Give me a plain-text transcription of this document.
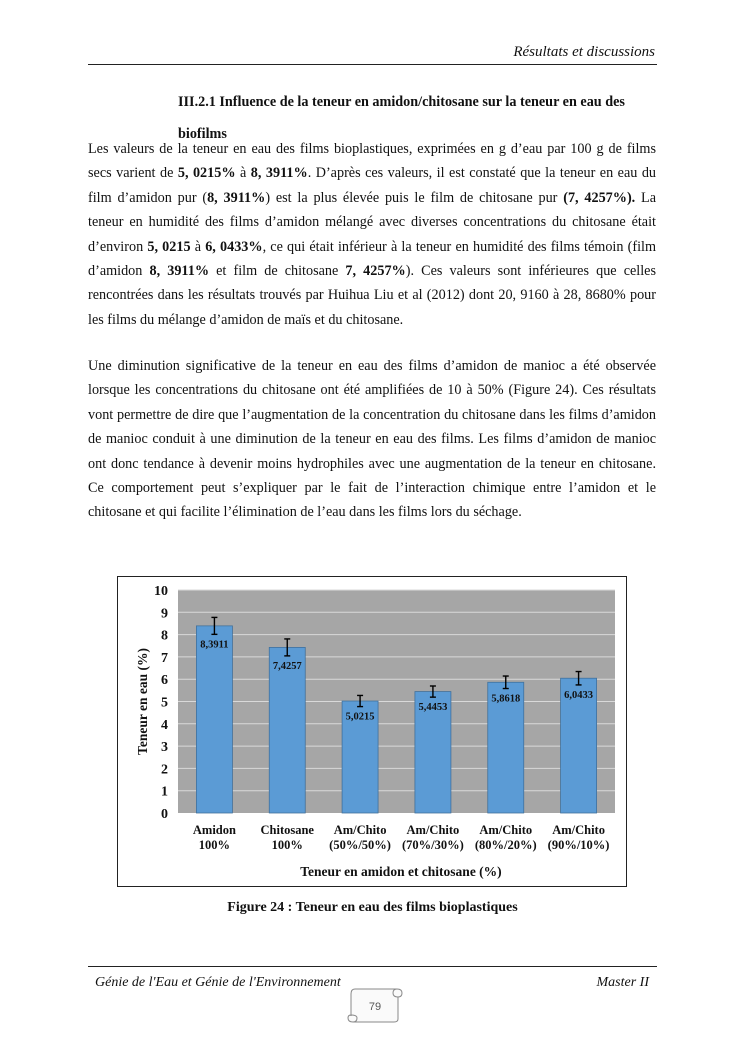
Résultats et discussions
III.2.1 Influence de la teneur en amidon/chitosane sur la teneur en eau des biofilms
Les valeurs de la teneur en eau des films bioplastiques, exprimées en g d’eau par 100 g de films secs varient de 5, 0215% à 8, 3911%. D’après ces valeurs, il est constaté que la teneur en eau du film d’amidon pur (8, 3911%) est la plus élevée puis le film de chitosane pur (7, 4257%). La teneur en humidité des films d’amidon mélangé avec diverses concentrations du chitosane était d’environ 5, 0215 à 6, 0433%, ce qui était inférieur à la teneur en humidité des films témoin (film d’amidon 8, 3911% et film de chitosane 7, 4257%). Ces valeurs sont inférieures que celles rencontrées dans les résultats trouvés par Huihua Liu et al (2012) dont 20, 9160 à 28, 8680% pour les films du mélange d’amidon de maïs et du chitosane.
Une diminution significative de la teneur en eau des films d’amidon de manioc a été observée lorsque les concentrations du chitosane ont été amplifiées de 10 à 50% (Figure 24). Ces résultats vont permettre de dire que l’augmentation de la concentration du chitosane dans les films d’amidon de manioc conduit à une diminution de la teneur en eau des films. Les films d’amidon de manioc ont donc tendance à devenir moins hydrophiles avec une augmentation de la teneur en chitosane. Ce comportement peut s’expliquer par le fait de l’interaction chimique entre l’amidon et le chitosane et qui facilite l’élimination de l’eau dans les films lors du séchage.
8,3911
7,4257
5,0215
5,4453
5,8618	6,0433
0
1
2
3
4
5
6
7
8
9
10
Amidon
100%
Chitosane
100%
Am/Chito
(50%/50%)
Am/Chito
(70%/30%)
Am/Chito
(80%/20%)
Am/Chito
(90%/10%)
Teneur en eau (%)
Teneur en amidon et chitosane (%)
Figure 24 : Teneur en eau des films bioplastiques
Génie de l'Eau et Génie de l'Environnement	Master II
79
